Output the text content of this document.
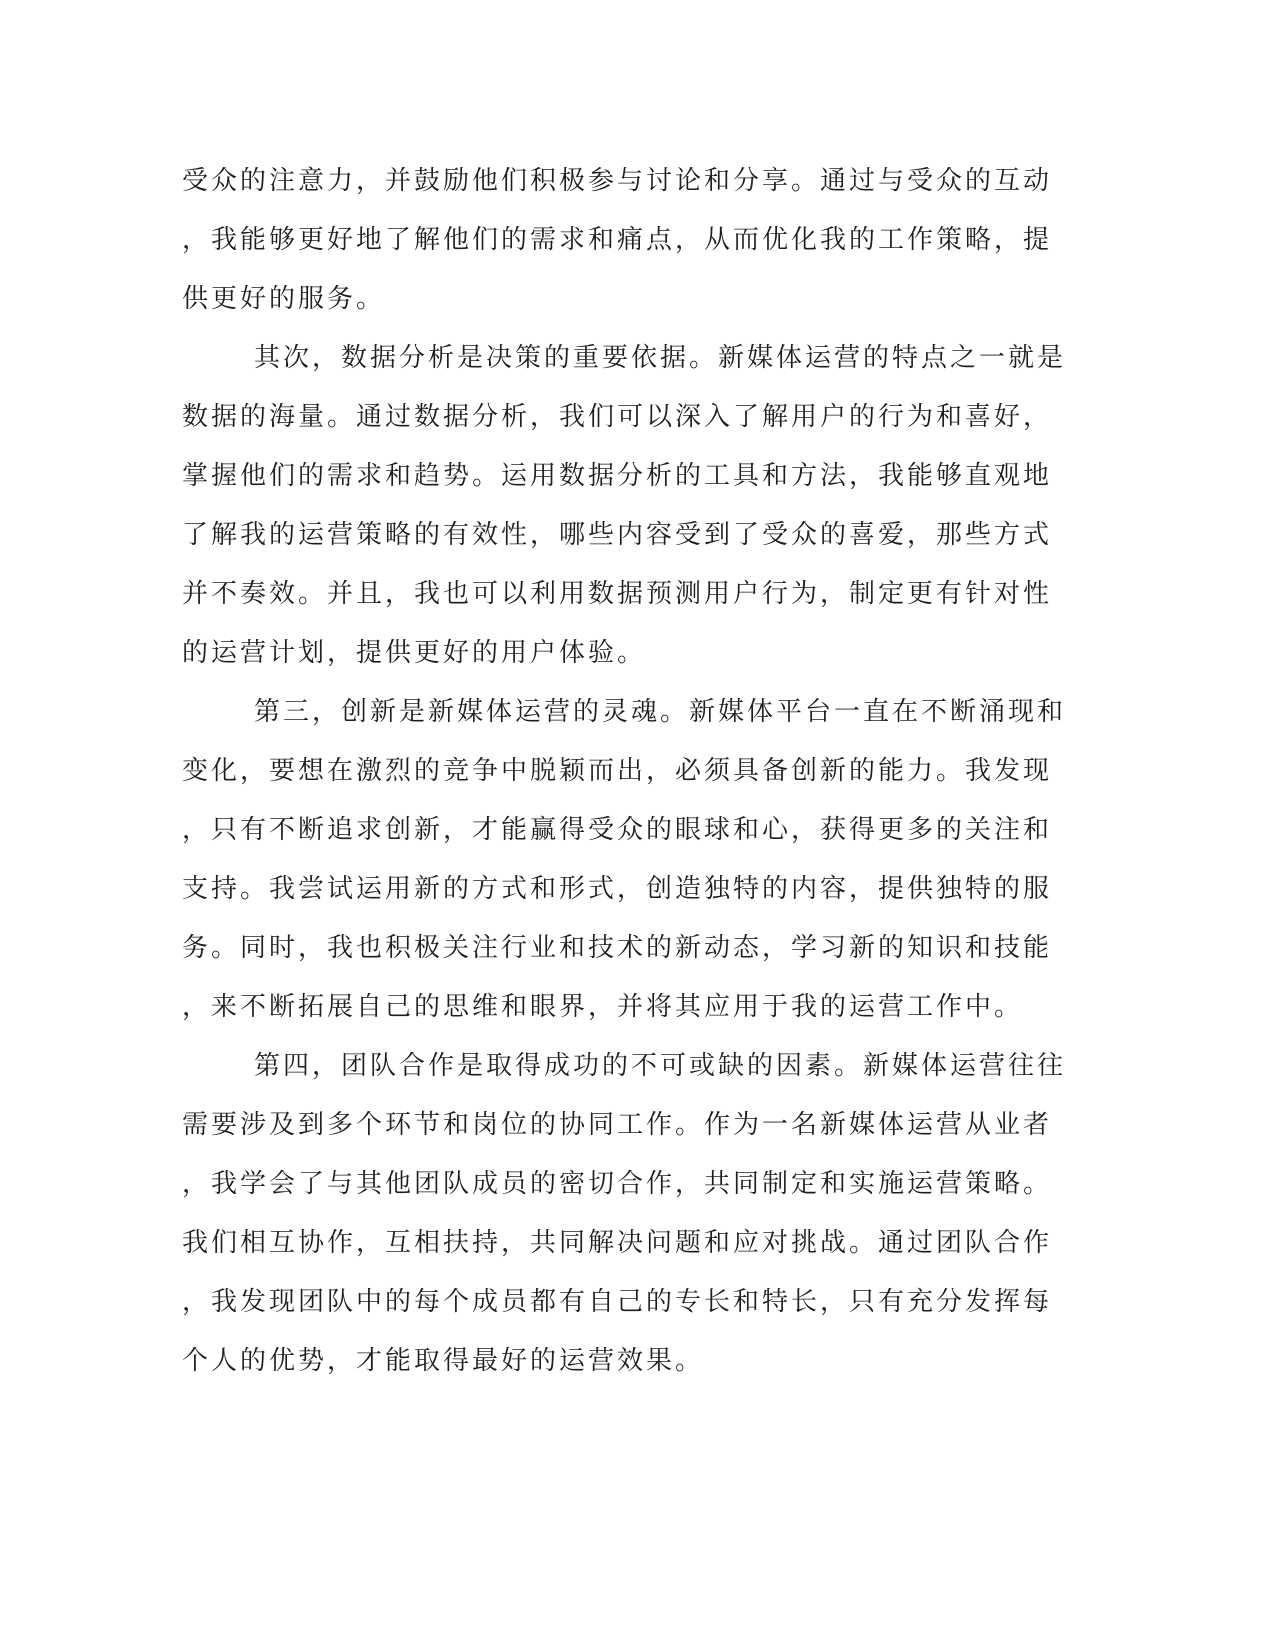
受众的注意力，并鼓励他们积极参与讨论和分享。通过与受众的互动
，我能够更好地了解他们的需求和痛点，从而优化我的工作策略，提
供更好的服务。
其次，数据分析是决策的重要依据。新媒体运营的特点之一就是
数据的海量。通过数据分析，我们可以深入了解用户的行为和喜好，
掌握他们的需求和趋势。运用数据分析的工具和方法，我能够直观地
了解我的运营策略的有效性，哪些内容受到了受众的喜爱，那些方式
并不奏效。并且，我也可以利用数据预测用户行为，制定更有针对性
的运营计划，提供更好的用户体验。
第三，创新是新媒体运营的灵魂。新媒体平台一直在不断涌现和
变化，要想在激烈的竞争中脱颖而出，必须具备创新的能力。我发现
，只有不断追求创新，才能赢得受众的眼球和心，获得更多的关注和
支持。我尝试运用新的方式和形式，创造独特的内容，提供独特的服
务。同时，我也积极关注行业和技术的新动态，学习新的知识和技能
，来不断拓展自己的思维和眼界，并将其应用于我的运营工作中。
第四，团队合作是取得成功的不可或缺的因素。新媒体运营往往
需要涉及到多个环节和岗位的协同工作。作为一名新媒体运营从业者
，我学会了与其他团队成员的密切合作，共同制定和实施运营策略。
我们相互协作，互相扶持，共同解决问题和应对挑战。通过团队合作
，我发现团队中的每个成员都有自己的专长和特长，只有充分发挥每
个人的优势，才能取得最好的运营效果。
